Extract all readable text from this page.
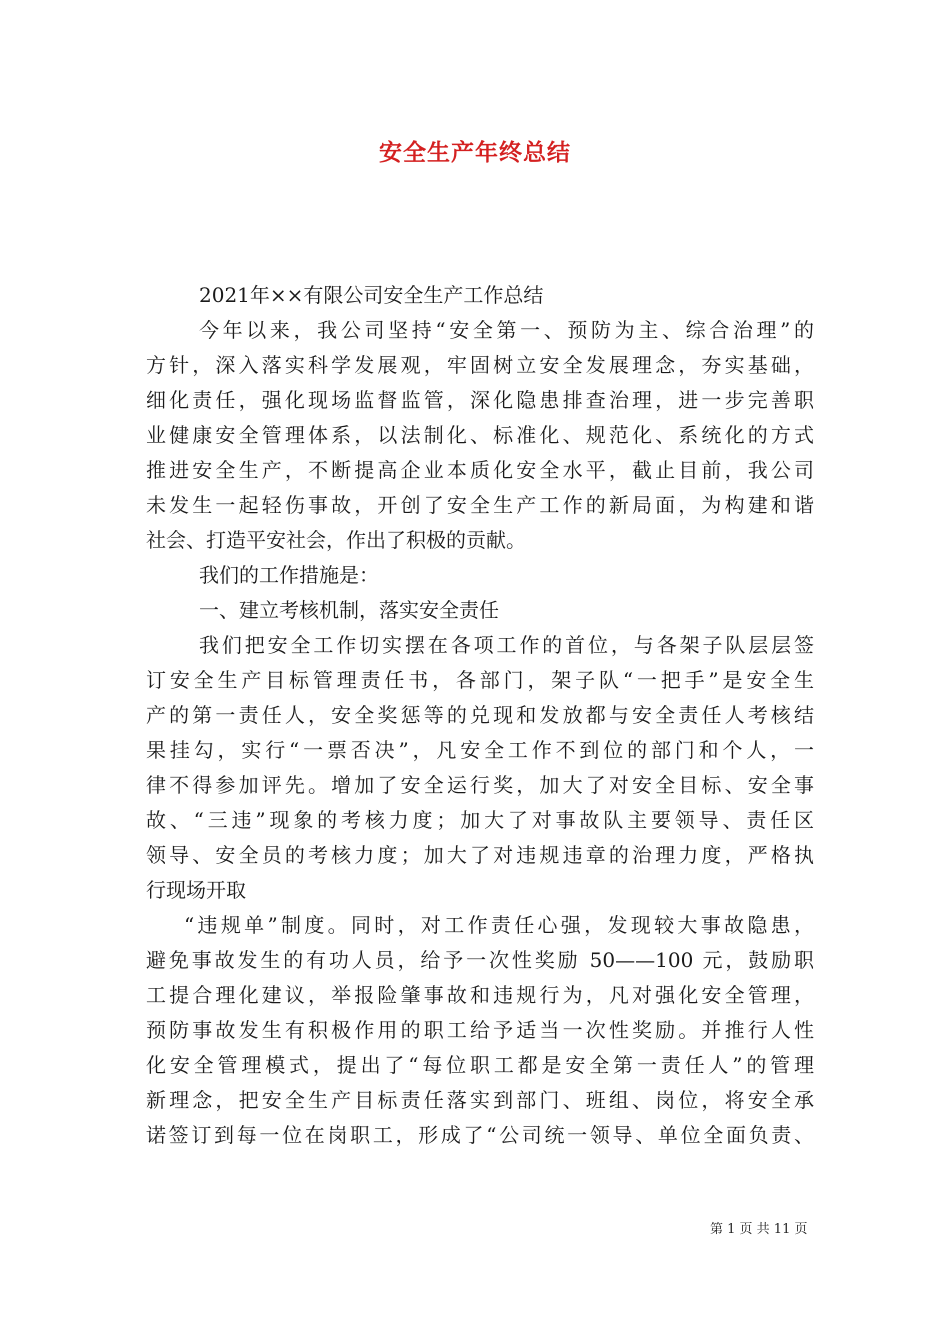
安全生产年终总结
2021年××有限公司安全生产工作总结
今年以来，我公司坚持“安全第一、预防为主、综合治理”的
方针，深入落实科学发展观，牢固树立安全发展理念，夯实基础，
细化责任，强化现场监督监管，深化隐患排查治理，进一步完善职
业健康安全管理体系，以法制化、标准化、规范化、系统化的方式
推进安全生产，不断提高企业本质化安全水平，截止目前，我公司
未发生一起轻伤事故，开创了安全生产工作的新局面，为构建和谐
社会、打造平安社会，作出了积极的贡献。
我们的工作措施是：
一、建立考核机制，落实安全责任
我们把安全工作切实摆在各项工作的首位，与各架子队层层签
订安全生产目标管理责任书，各部门，架子队“一把手”是安全生
产的第一责任人，安全奖惩等的兑现和发放都与安全责任人考核结
果挂勾，实行“一票否决”，凡安全工作不到位的部门和个人，一
律不得参加评先。增加了安全运行奖，加大了对安全目标、安全事
故、“三违”现象的考核力度；加大了对事故队主要领导、责任区
领导、安全员的考核力度；加大了对违规违章的治理力度，严格执
行现场开取
“违规单”制度。同时，对工作责任心强，发现较大事故隐患，
避免事故发生的有功人员，给予一次性奖励 50——100 元，鼓励职
工提合理化建议，举报险肇事故和违规行为，凡对强化安全管理，
预防事故发生有积极作用的职工给予适当一次性奖励。并推行人性
化安全管理模式，提出了“每位职工都是安全第一责任人”的管理
新理念，把安全生产目标责任落实到部门、班组、岗位，将安全承
诺签订到每一位在岗职工，形成了“公司统一领导、单位全面负责、
第 1 页 共 11 页
